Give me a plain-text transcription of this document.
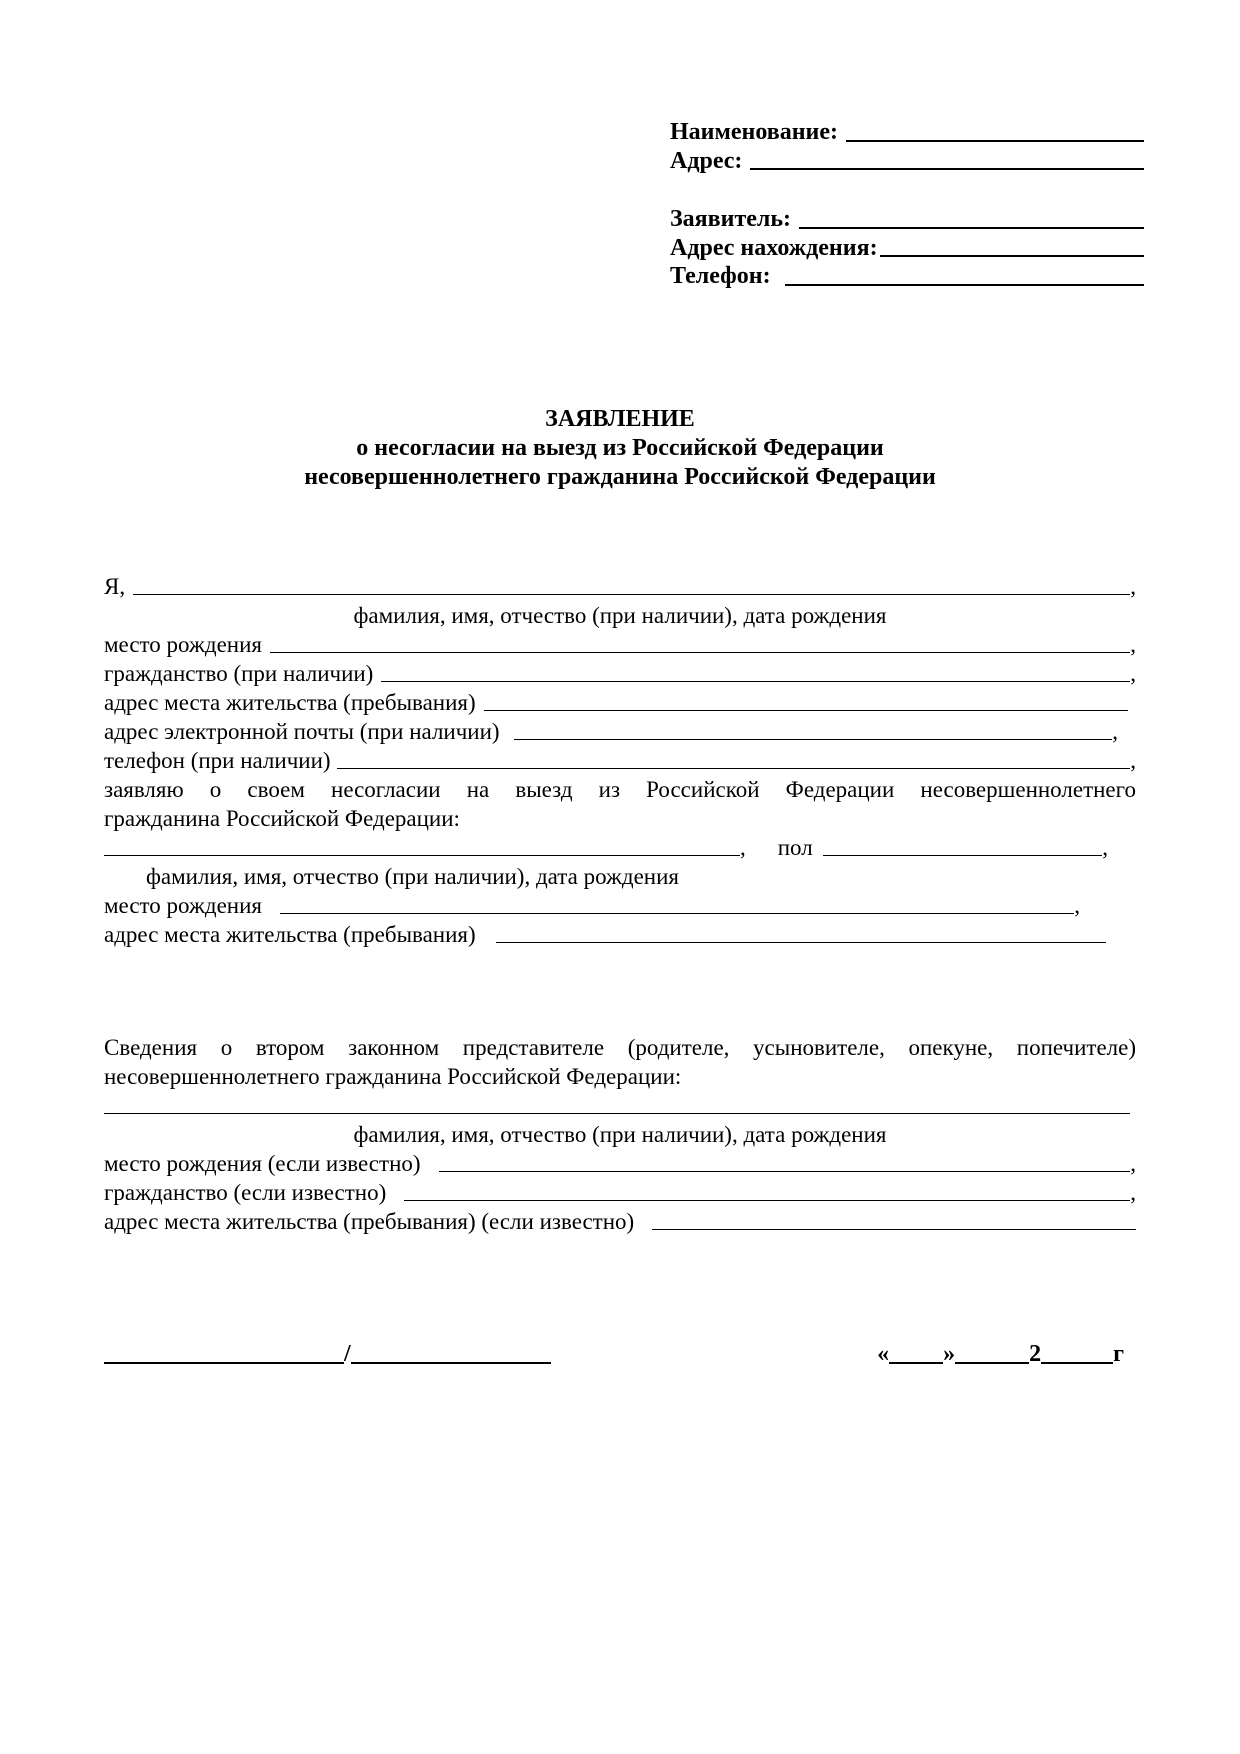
Наименование:
Адрес:
Заявитель:
Адрес нахождения:
Телефон:
ЗАЯВЛЕНИЕ
о несогласии на выезд из Российской Федерации
несовершеннолетнего гражданина Российской Федерации
Я,	,
фамилия, имя, отчество (при наличии), дата рождения
место рождения	,
гражданство (при наличии)	,
адрес места жительства (пребывания)
адрес электронной почты (при наличии)	,
телефон (при наличии)	,
заявляю о своем несогласии на выезд из Российской Федерации несовершеннолетнего
гражданина Российской Федерации:
, пол	,
фамилия, имя, отчество (при наличии), дата рождения
место рождения	,
адрес места жительства (пребывания)
Сведения о втором законном представителе (родителе, усыновителе, опекуне, попечителе)
несовершеннолетнего гражданина Российской Федерации:
фамилия, имя, отчество (при наличии), дата рождения
место рождения (если известно)	,
гражданство (если известно)	,
адрес места жительства (пребывания) (если известно)
/	« »	2	г
